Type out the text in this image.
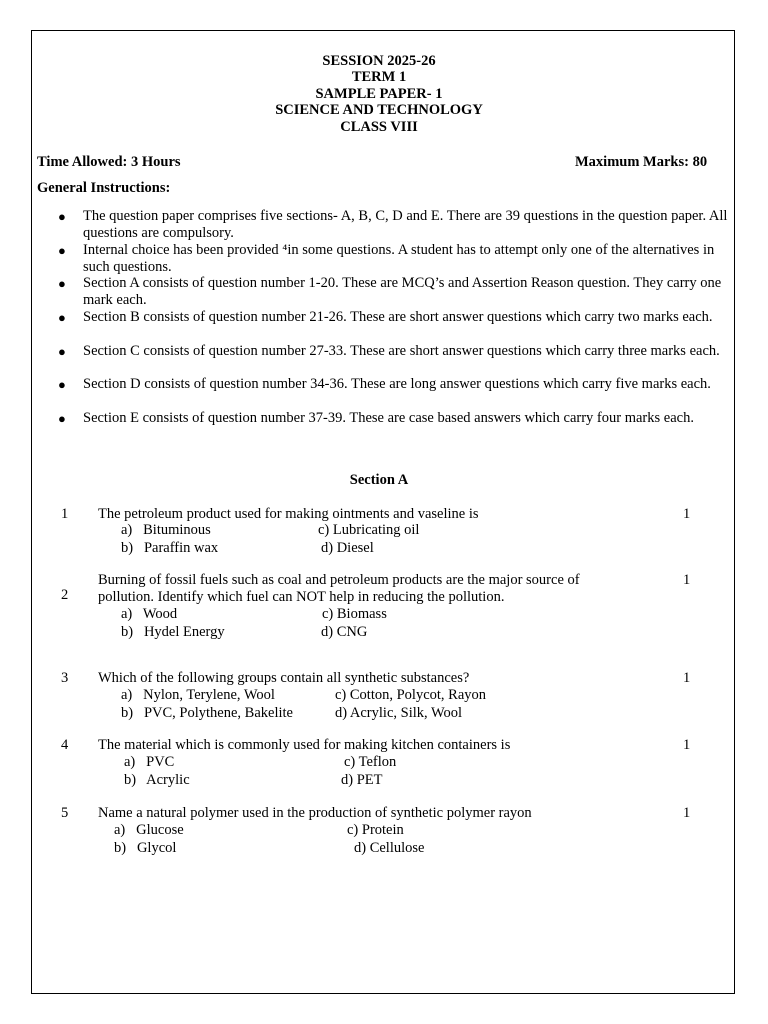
SESSION 2025-26
TERM 1
SAMPLE PAPER- 1
SCIENCE AND TECHNOLOGY
CLASS VIII
Time Allowed: 3 Hours	Maximum Marks: 80
General Instructions:
● The question paper comprises five sections- A, B, C, D and E. There are 39 questions in the question paper. All questions are compulsory.
● Internal choice has been provided ⁴in some questions. A student has to attempt only one of the alternatives in such questions.
● Section A consists of question number 1-20. These are MCQ’s and Assertion Reason question. They carry one mark each.
● Section B consists of question number 21-26. These are short answer questions which carry two marks each.
● Section C consists of question number 27-33. These are short answer questions which carry three marks each.
● Section D consists of question number 34-36. These are long answer questions which carry five marks each.
● Section E consists of question number 37-39. These are case based answers which carry four marks each.
Section A
1 The petroleum product used for making ointments and vaseline is	1
a)   Bituminous
b)   Paraffin wax
c) Lubricating oil
d) Diesel
2
Burning of fossil fuels such as coal and petroleum products are the major source of pollution. Identify which fuel can NOT help in reducing the pollution.
1
a)   Wood
b)   Hydel Energy
c) Biomass
d) CNG
3 Which of the following groups contain all synthetic substances?	1
a)   Nylon, Terylene, Wool
b)   PVC, Polythene, Bakelite
c) Cotton, Polycot, Rayon
d) Acrylic, Silk, Wool
4 The material which is commonly used for making kitchen containers is	1
a)   PVC
b)   Acrylic
c) Teflon
d) PET
5 Name a natural polymer used in the production of synthetic polymer rayon	1
a)   Glucose
b)   Glycol
c) Protein
d) Cellulose
